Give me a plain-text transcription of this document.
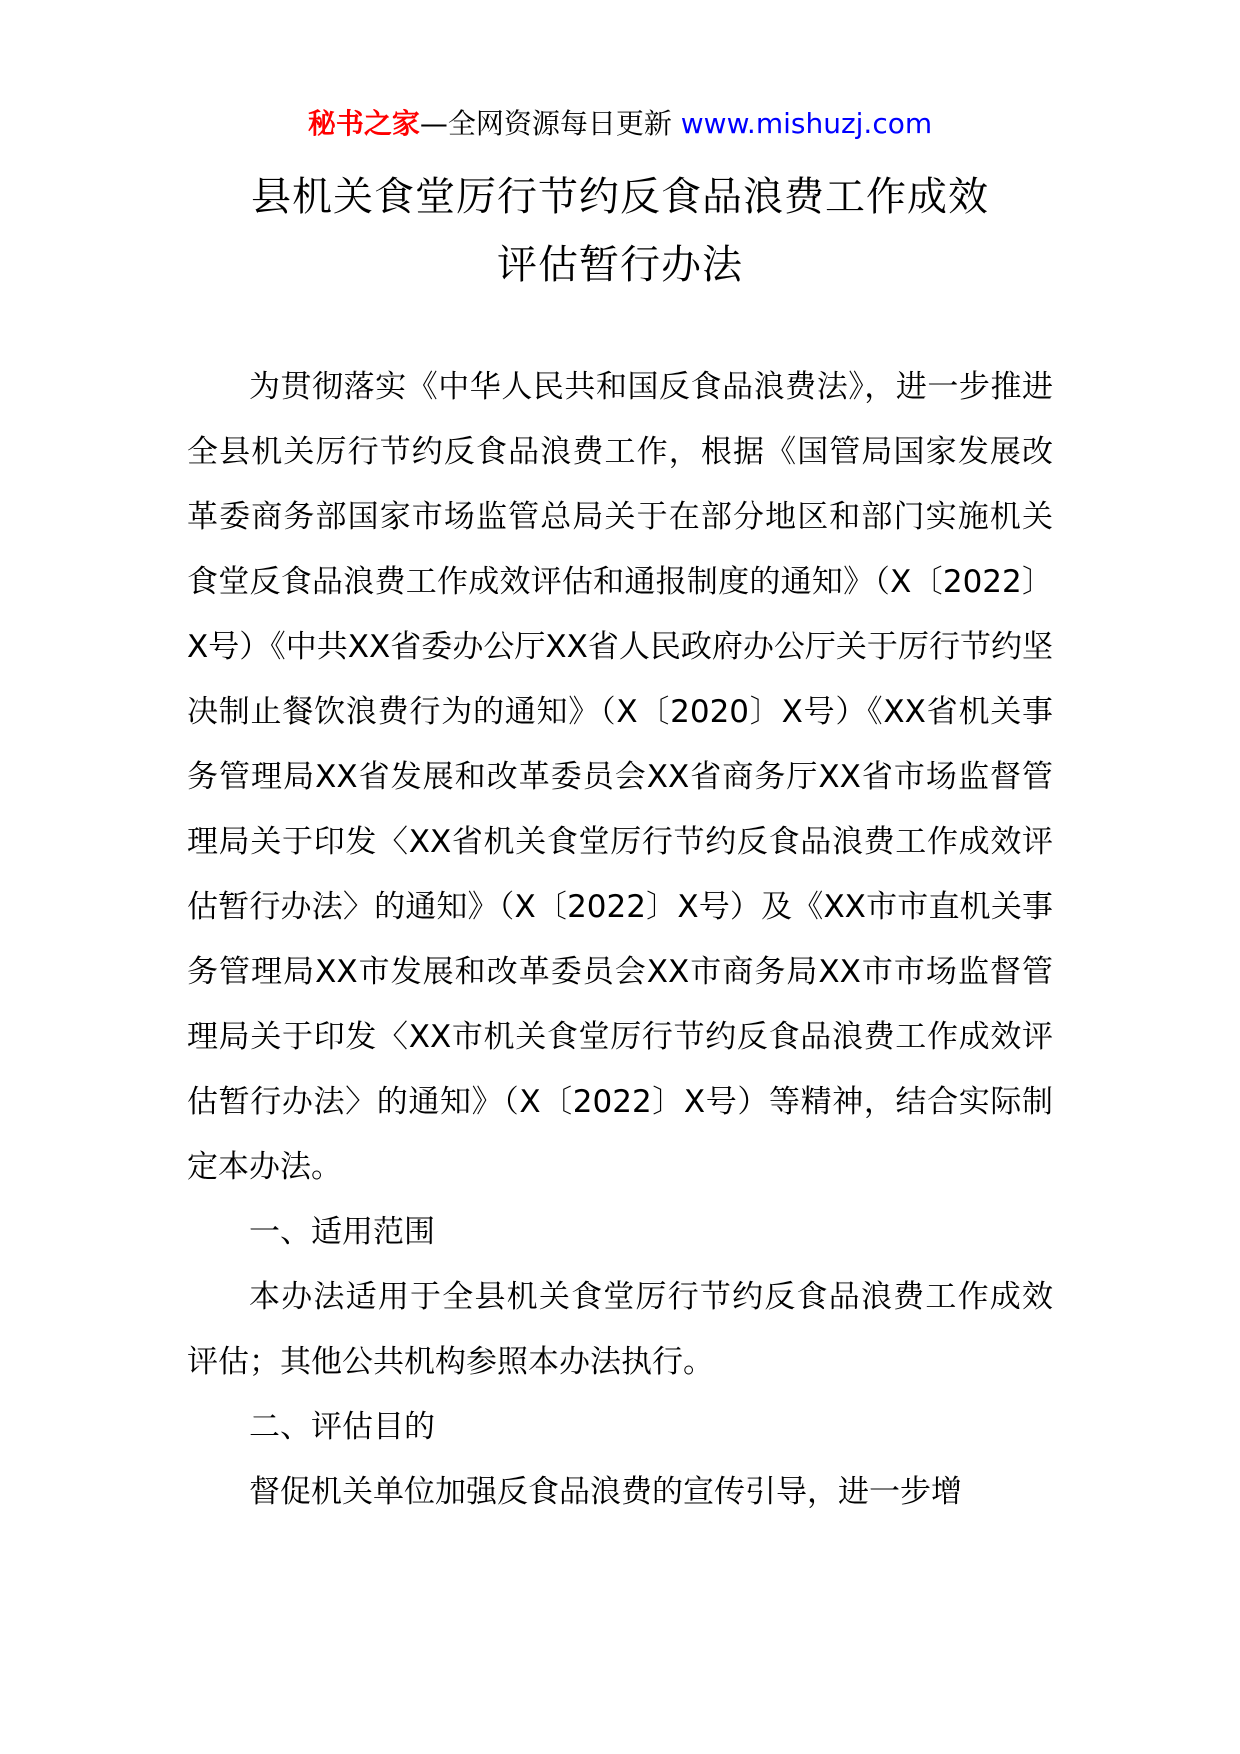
秘书之家—全网资源每日更新 www.mishuzj.com
县机关食堂厉行节约反食品浪费工作成效
评估暂行办法

为贯彻落实《中华人民共和国反食品浪费法》，进一步推进全县机关厉行节约反食品浪费工作，根据《国管局国家发展改革委商务部国家市场监管总局关于在部分地区和部门实施机关食堂反食品浪费工作成效评估和通报制度的通知》（X〔2022〕X号）《中共XX省委办公厅XX省人民政府办公厅关于厉行节约坚决制止餐饮浪费行为的通知》（X〔2020〕X号）《XX省机关事务管理局XX省发展和改革委员会XX省商务厅XX省市场监督管理局关于印发〈XX省机关食堂厉行节约反食品浪费工作成效评估暂行办法〉的通知》（X〔2022〕X号）及《XX市市直机关事务管理局XX市发展和改革委员会XX市商务局XX市市场监督管理局关于印发〈XX市机关食堂厉行节约反食品浪费工作成效评估暂行办法〉的通知》（X〔2022〕X号）等精神，结合实际制定本办法。

一、适用范围

本办法适用于全县机关食堂厉行节约反食品浪费工作成效评估；其他公共机构参照本办法执行。

二、评估目的

督促机关单位加强反食品浪费的宣传引导，进一步增
